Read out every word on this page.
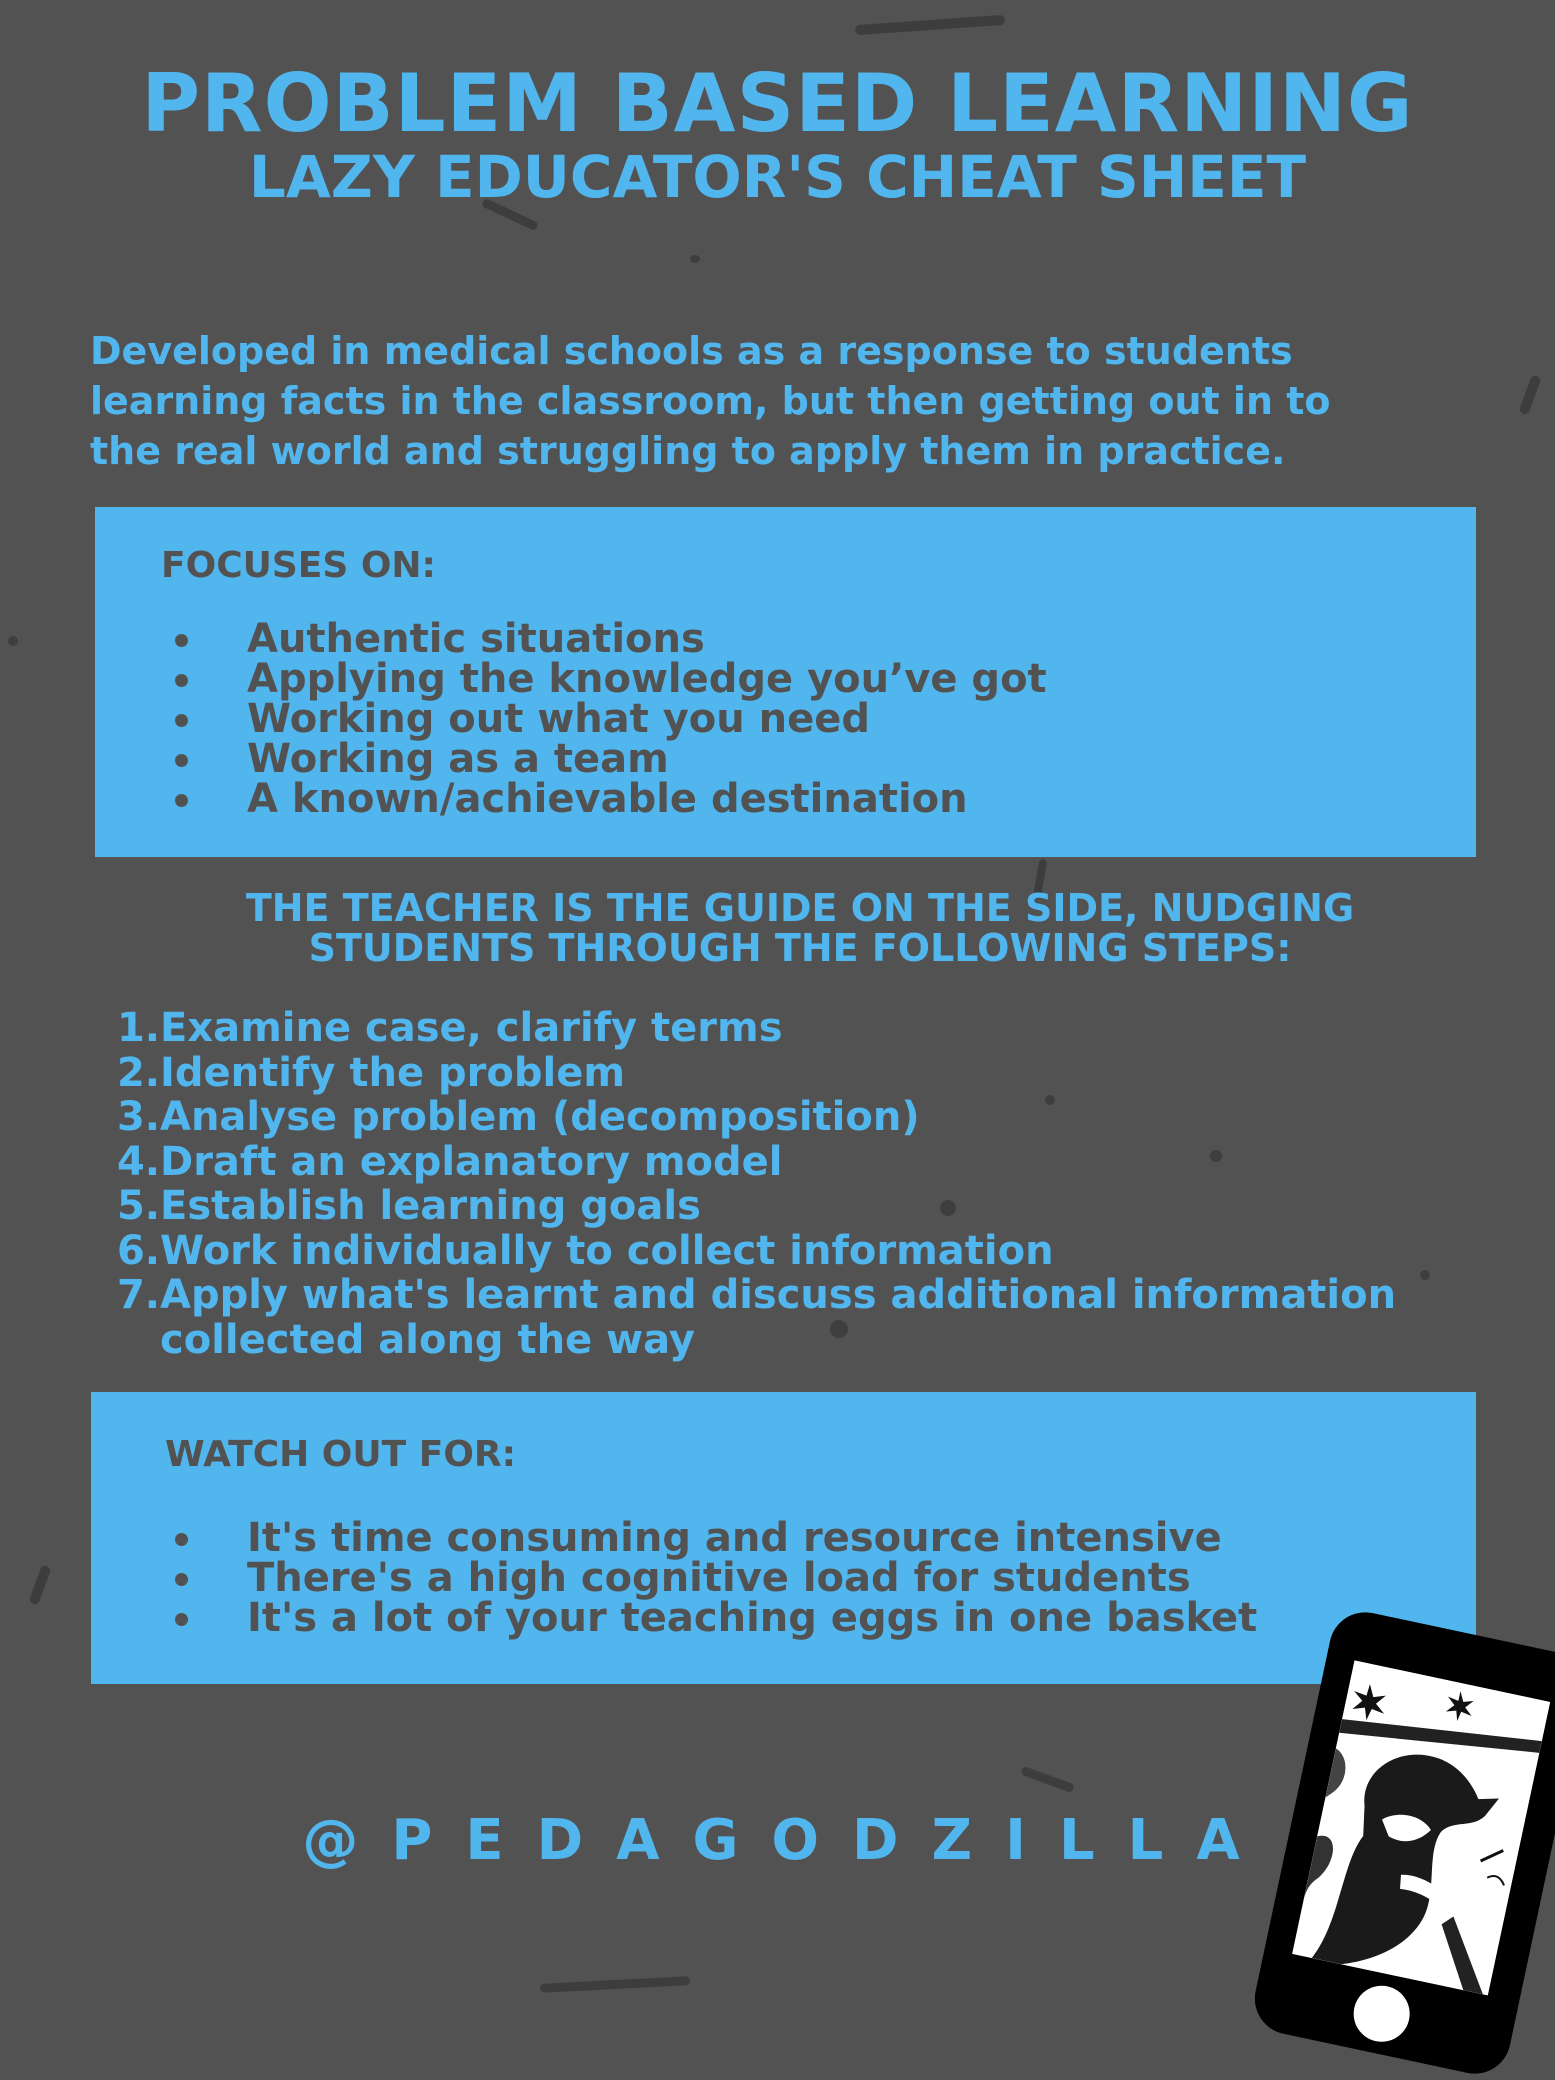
PROBLEM BASED LEARNING
LAZY EDUCATOR'S CHEAT SHEET
Developed in medical schools as a response to students
learning facts in the classroom, but then getting out in to
the real world and struggling to apply them in practice.
FOCUSES ON:
Authentic situations
Applying the knowledge you’ve got
Working out what you need
Working as a team
A known/achievable destination
THE TEACHER IS THE GUIDE ON THE SIDE, NUDGING
STUDENTS THROUGH THE FOLLOWING STEPS:
1. Examine case, clarify terms
2. Identify the problem
3. Analyse problem (decomposition)
4. Draft an explanatory model
5. Establish learning goals
6. Work individually to collect information
7. Apply what's learnt and discuss additional information
collected along the way
WATCH OUT FOR:
It's time consuming and resource intensive
There's a high cognitive load for students
It's a lot of your teaching eggs in one basket
@PEDAGODZILLA
